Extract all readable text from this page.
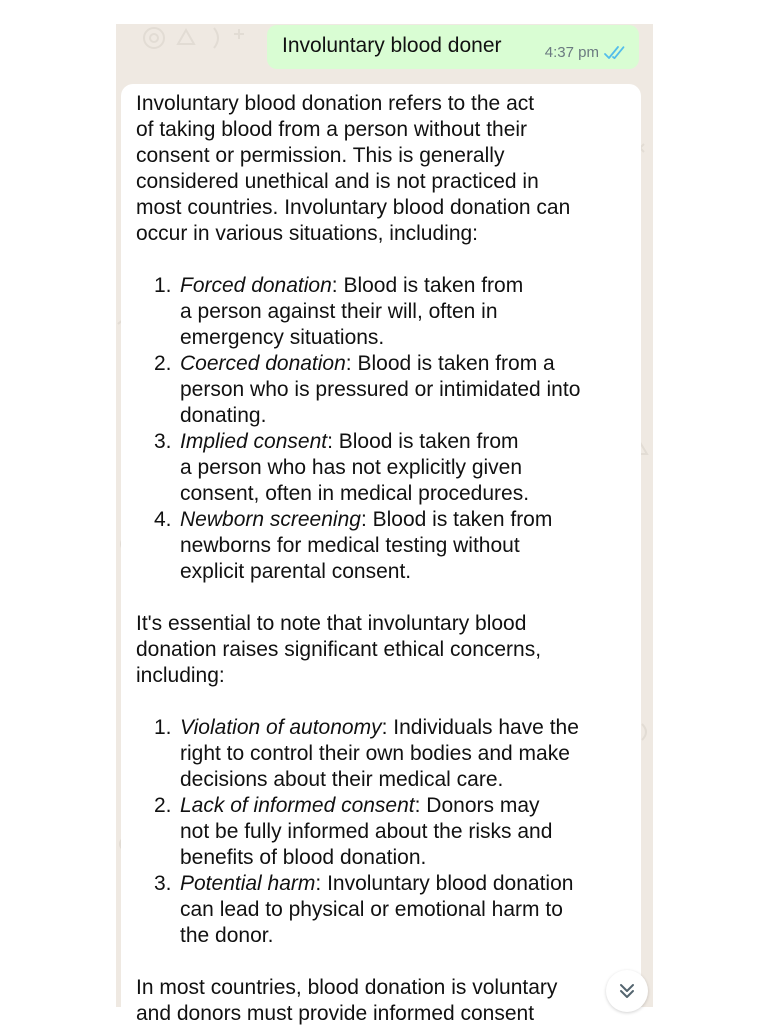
Involuntary blood doner	4:37 pm
Involuntary blood donation refers to the act
of taking blood from a person without their
consent or permission. This is generally
considered unethical and is not practiced in
most countries. Involuntary blood donation can
occur in various situations, including:
1. Forced donation: Blood is taken from
a person against their will, often in
emergency situations.
2. Coerced donation: Blood is taken from a
person who is pressured or intimidated into
donating.
3. Implied consent: Blood is taken from
a person who has not explicitly given
consent, often in medical procedures.
4. Newborn screening: Blood is taken from
newborns for medical testing without
explicit parental consent.
It's essential to note that involuntary blood
donation raises significant ethical concerns,
including:
1. Violation of autonomy: Individuals have the
right to control their own bodies and make
decisions about their medical care.
2. Lack of informed consent: Donors may
not be fully informed about the risks and
benefits of blood donation.
3. Potential harm: Involuntary blood donation
can lead to physical or emotional harm to
the donor.
In most countries, blood donation is voluntary
and donors must provide informed consent
